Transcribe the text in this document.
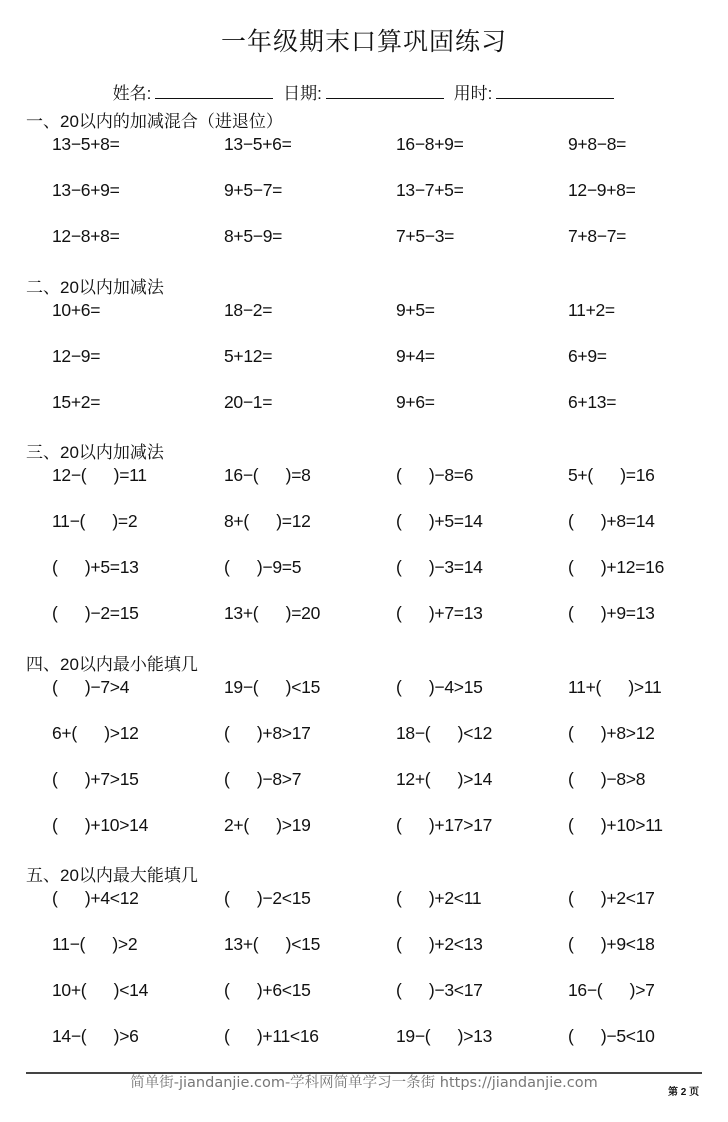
一年级期末口算巩固练习
姓名:	日期:	用时:
一、20以内的加减混合（进退位）
13−5+8=	13−5+6=	16−8+9=	9+8−8=
13−6+9=	9+5−7=	13−7+5=	12−9+8=
12−8+8=	8+5−9=	7+5−3=	7+8−7=
二、20以内加减法
10+6=	18−2=	9+5=	11+2=
12−9=	5+12=	9+4=	6+9=
15+2=	20−1=	9+6=	6+13=
三、20以内加减法
12−(      )=11	16−(      )=8	(      )−8=6	5+(      )=16
11−(      )=2	8+(      )=12	(      )+5=14	(      )+8=14
(      )+5=13	(      )−9=5	(      )−3=14	(      )+12=16
(      )−2=15	13+(      )=20	(      )+7=13	(      )+9=13
四、20以内最小能填几
(      )−7>4	19−(      )<15	(      )−4>15	11+(      )>11
6+(      )>12	(      )+8>17	18−(      )<12	(      )+8>12
(      )+7>15	(      )−8>7	12+(      )>14	(      )−8>8
(      )+10>14	2+(      )>19	(      )+17>17	(      )+10>11
五、20以内最大能填几
(      )+4<12	(      )−2<15	(      )+2<11	(      )+2<17
11−(      )>2	13+(      )<15	(      )+2<13	(      )+9<18
10+(      )<14	(      )+6<15	(      )−3<17	16−(      )>7
14−(      )>6	(      )+11<16	19−(      )>13	(      )−5<10
简单街-jiandanjie.com-学科网简单学习一条街 https://jiandanjie.com
第 2 页
